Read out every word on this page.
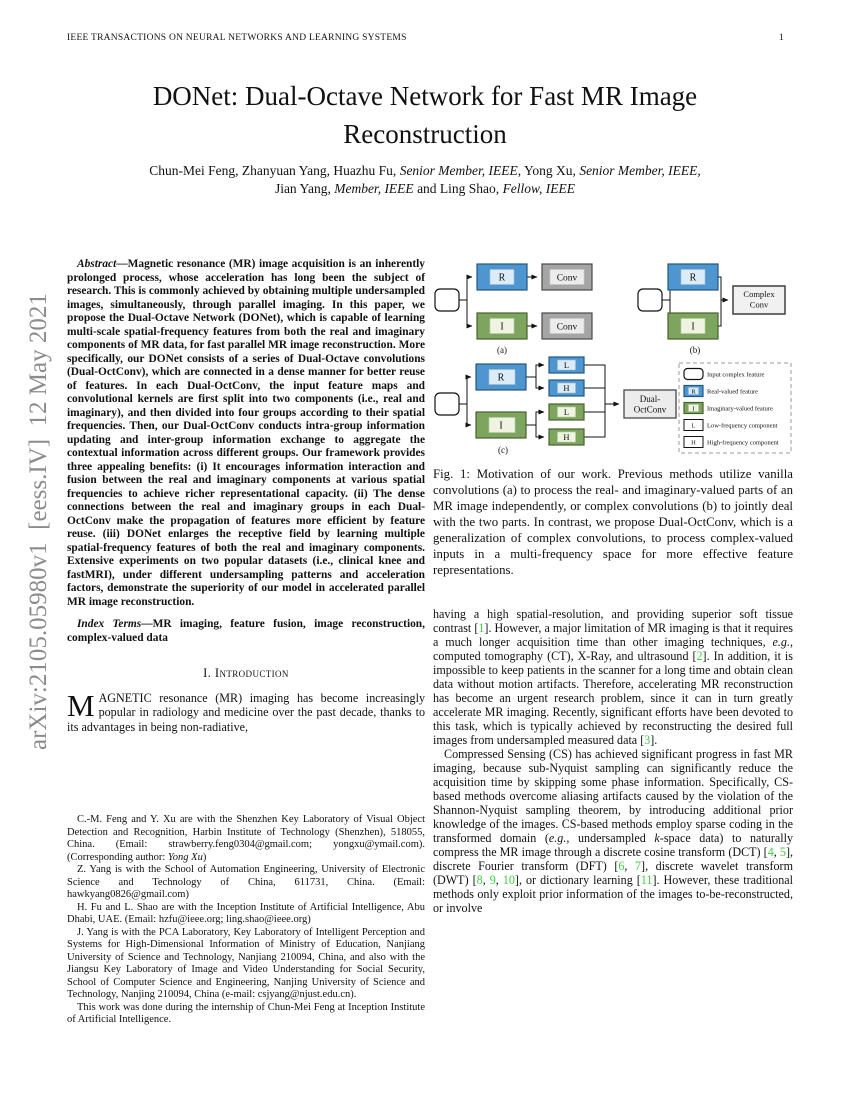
arXiv:2105.05980v1  [eess.IV]  12 May 2021
IEEE TRANSACTIONS ON NEURAL NETWORKS AND LEARNING SYSTEMS	1
DONet: Dual-Octave Network for Fast MR Image
Reconstruction
Chun-Mei Feng, Zhanyuan Yang, Huazhu Fu, Senior Member, IEEE, Yong Xu, Senior Member, IEEE,
Jian Yang, Member, IEEE and Ling Shao, Fellow, IEEE

Abstract—Magnetic resonance (MR) image acquisition is an inherently prolonged process, whose acceleration has long been the subject of research. This is commonly achieved by obtaining multiple undersampled images, simultaneously, through parallel imaging. In this paper, we propose the Dual-Octave Network (DONet), which is capable of learning multi-scale spatial-frequency features from both the real and imaginary components of MR data, for fast parallel MR image reconstruction. More specifically, our DONet consists of a series of Dual-Octave convolutions (Dual-OctConv), which are connected in a dense manner for better reuse of features. In each Dual-OctConv, the input feature maps and convolutional kernels are first split into two components (i.e., real and imaginary), and then divided into four groups according to their spatial frequencies. Then, our Dual-OctConv conducts intra-group information updating and inter-group information exchange to aggregate the contextual information across different groups. Our framework provides three appealing benefits: (i) It encourages information interaction and fusion between the real and imaginary components at various spatial frequencies to achieve richer representational capacity. (ii) The dense connections between the real and imaginary groups in each Dual-OctConv make the propagation of features more efficient by feature reuse. (iii) DONet enlarges the receptive field by learning multiple spatial-frequency features of both the real and imaginary components. Extensive experiments on two popular datasets (i.e., clinical knee and fastMRI), under different undersampling patterns and acceleration factors, demonstrate the superiority of our model in accelerated parallel MR image reconstruction.

Index Terms—MR imaging, feature fusion, image reconstruction, complex-valued data

I. Introduction

MAGNETIC resonance (MR) imaging has become increasingly popular in radiology and medicine over the past decade, thanks to its advantages in being non-radiative,

C.-M. Feng and Y. Xu are with the Shenzhen Key Laboratory of Visual Object Detection and Recognition, Harbin Institute of Technology (Shenzhen), 518055, China. (Email: strawberry.feng0304@gmail.com; yongxu@ymail.com). (Corresponding author: Yong Xu)

Z. Yang is with the School of Automation Engineering, University of Electronic Science and Technology of China, 611731, China. (Email: hawkyang0826@gmail.com)

H. Fu and L. Shao are with the Inception Institute of Artificial Intelligence, Abu Dhabi, UAE. (Email: hzfu@ieee.org; ling.shao@ieee.org)

J. Yang is with the PCA Laboratory, Key Laboratory of Intelligent Perception and Systems for High-Dimensional Information of Ministry of Education, Nanjiang University of Science and Technology, Nanjiang 210094, China, and also with the Jiangsu Key Laboratory of Image and Video Understanding for Social Security, School of Computer Science and Engineering, Nanjing University of Science and Technology, Nanjing 210094, China (e-mail: csjyang@njust.edu.cn).

This work was done during the internship of Chun-Mei Feng at Inception Institute of Artificial Intelligence.

R	Conv
I	Conv
(a)
R
I
Complex
Conv
(b)
R
I
L
H
L
H
Dual-
OctConv
(c)
Input complex feature
R Real-valued feature
I Imaginary-valued feature
L Low-frequency component
H High-frequency component

Fig. 1: Motivation of our work. Previous methods utilize vanilla convolutions (a) to process the real- and imaginary-valued parts of an MR image independently, or complex convolutions (b) to jointly deal with the two parts. In contrast, we propose Dual-OctConv, which is a generalization of complex convolutions, to process complex-valued inputs in a multi-frequency space for more effective feature representations.

having a high spatial-resolution, and providing superior soft tissue contrast [1]. However, a major limitation of MR imaging is that it requires a much longer acquisition time than other imaging techniques, e.g., computed tomography (CT), X-Ray, and ultrasound [2]. In addition, it is impossible to keep patients in the scanner for a long time and obtain clean data without motion artifacts. Therefore, accelerating MR reconstruction has become an urgent research problem, since it can in turn greatly accelerate MR imaging. Recently, significant efforts have been devoted to this task, which is typically achieved by reconstructing the desired full images from undersampled measured data [3].

Compressed Sensing (CS) has achieved significant progress in fast MR imaging, because sub-Nyquist sampling can significantly reduce the acquisition time by skipping some phase information. Specifically, CS-based methods overcome aliasing artifacts caused by the violation of the Shannon-Nyquist sampling theorem, by introducing additional prior knowledge of the images. CS-based methods employ sparse coding in the transformed domain (e.g., undersampled k-space data) to naturally compress the MR image through a discrete cosine transform (DCT) [4, 5], discrete Fourier transform (DFT) [6, 7], discrete wavelet transform (DWT) [8, 9, 10], or dictionary learning [11]. However, these traditional methods only exploit prior information of the images to-be-reconstructed, or involve
